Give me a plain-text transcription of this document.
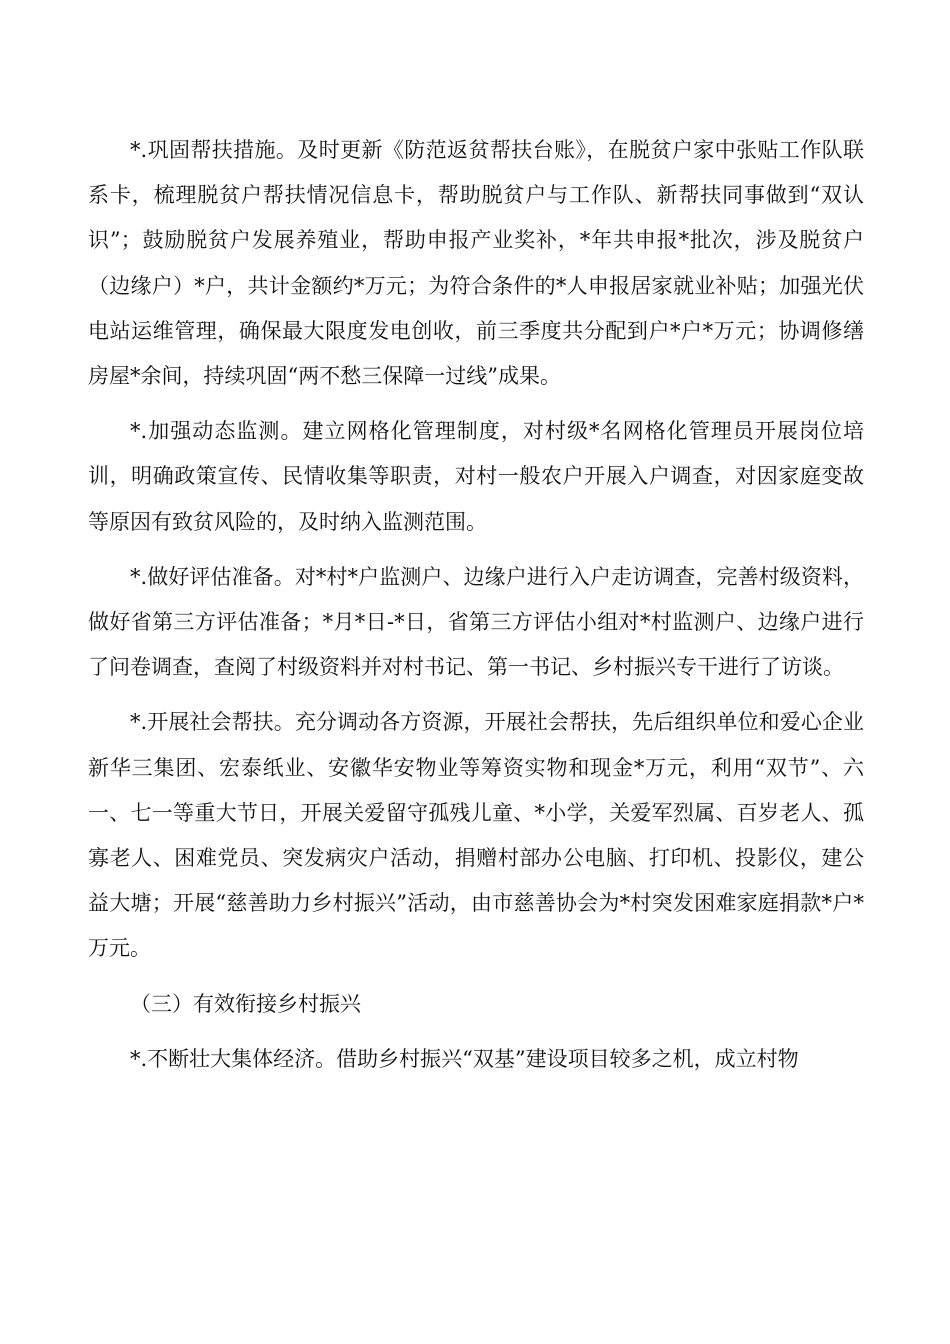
*.巩固帮扶措施。及时更新《防范返贫帮扶台账》，在脱贫户家中张贴工作队联系卡，梳理脱贫户帮扶情况信息卡，帮助脱贫户与工作队、新帮扶同事做到“双认识”；鼓励脱贫户发展养殖业，帮助申报产业奖补，*年共申报*批次，涉及脱贫户（边缘户）*户，共计金额约*万元；为符合条件的*人申报居家就业补贴；加强光伏电站运维管理，确保最大限度发电创收，前三季度共分配到户*户*万元；协调修缮房屋*余间，持续巩固“两不愁三保障一过线”成果。

*.加强动态监测。建立网格化管理制度，对村级*名网格化管理员开展岗位培训，明确政策宣传、民情收集等职责，对村一般农户开展入户调查，对因家庭变故等原因有致贫风险的，及时纳入监测范围。

*.做好评估准备。对*村*户监测户、边缘户进行入户走访调查，完善村级资料，做好省第三方评估准备；*月*日-*日，省第三方评估小组对*村监测户、边缘户进行了问卷调查，查阅了村级资料并对村书记、第一书记、乡村振兴专干进行了访谈。

*.开展社会帮扶。充分调动各方资源，开展社会帮扶，先后组织单位和爱心企业新华三集团、宏泰纸业、安徽华安物业等筹资实物和现金*万元，利用“双节”、六一、七一等重大节日，开展关爱留守孤残儿童、*小学，关爱军烈属、百岁老人、孤寡老人、困难党员、突发病灾户活动，捐赠村部办公电脑、打印机、投影仪，建公益大塘；开展“慈善助力乡村振兴”活动，由市慈善协会为*村突发困难家庭捐款*户*万元。

（三）有效衔接乡村振兴

*.不断壮大集体经济。借助乡村振兴“双基”建设项目较多之机，成立村物
